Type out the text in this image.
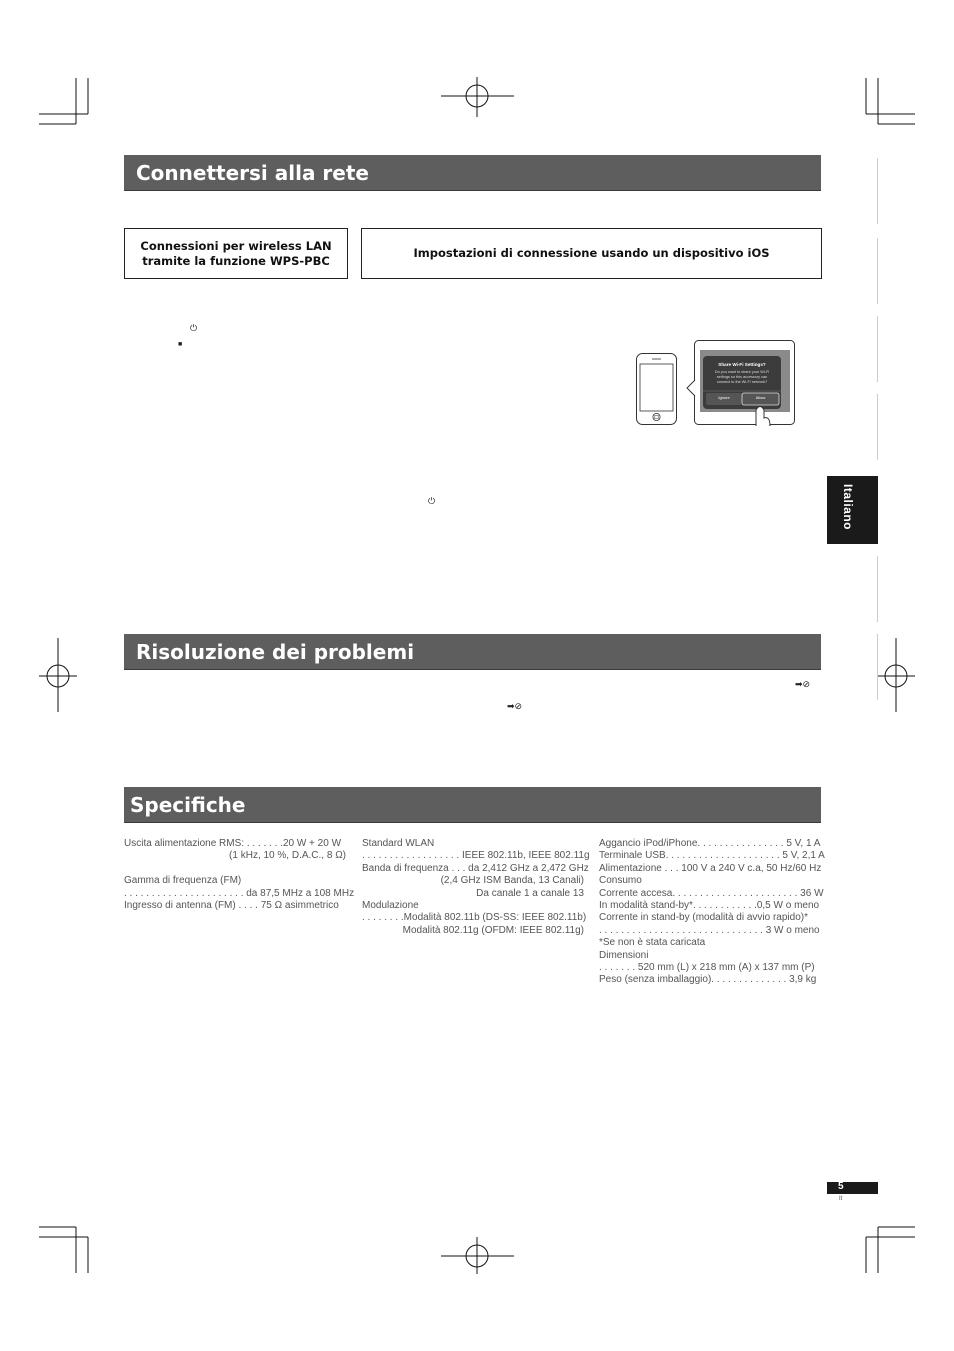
Connettersi alla rete
Connessioni per wireless LAN
tramite la funzione WPS-PBC
Impostazioni di connessione usando un dispositivo iOS
⏻
■
⏻
Share Wi-Fi Settings?
Do you want to share your Wi-Fi
settings so this accessory can
connect to the Wi-Fi network?
Ignore	Allow
Italiano
Risoluzione dei problemi
➡⊘
➡⊘
Specifiche
Uscita alimentazione RMS: . . . . . . .20 W + 20 W
(1 kHz, 10 %, D.A.C., 8 Ω)

Gamma di frequenza (FM)
. . . . . . . . . . . . . . . . . . . . . . da 87,5 MHz a 108 MHz
Ingresso di antenna (FM) . . . . 75 Ω asimmetrico
Standard WLAN
. . . . . . . . . . . . . . . . . . IEEE 802.11b, IEEE 802.11g
Banda di frequenza . . . da 2,412 GHz a 2,472 GHz
(2,4 GHz ISM Banda, 13 Canali)
Da canale 1 a canale 13
Modulazione
. . . . . . . .Modalità 802.11b (DS-SS: IEEE 802.11b)
Modalità 802.11g (OFDM: IEEE 802.11g)
Aggancio iPod/iPhone. . . . . . . . . . . . . . . . 5 V, 1 A
Terminale USB. . . . . . . . . . . . . . . . . . . . . 5 V, 2,1 A
Alimentazione . . . 100 V a 240 V c.a, 50 Hz/60 Hz
Consumo
Corrente accesa. . . . . . . . . . . . . . . . . . . . . . . 36 W
In modalità stand-by*. . . . . . . . . . . .0,5 W o meno
Corrente in stand-by (modalità di avvio rapido)*
. . . . . . . . . . . . . . . . . . . . . . . . . . . . . . 3 W o meno
*Se non è stata caricata
Dimensioni
. . . . . . . 520 mm (L) x 218 mm (A) x 137 mm (P)
Peso (senza imballaggio). . . . . . . . . . . . . . 3,9 kg
5
It
